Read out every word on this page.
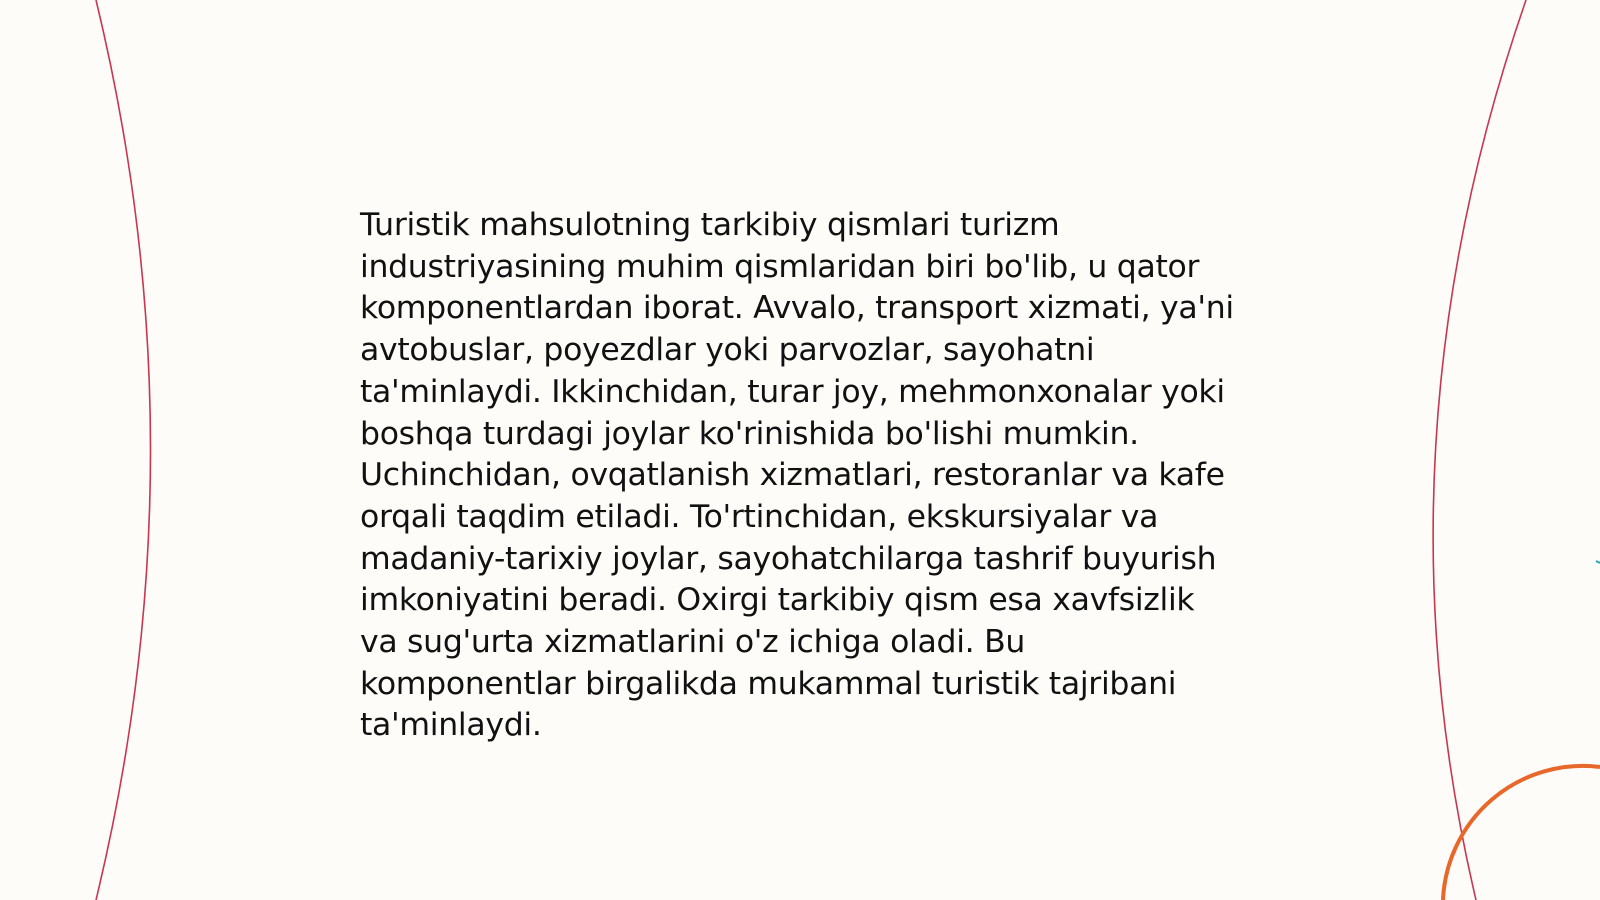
Turistik mahsulotning tarkibiy qismlari turizm industriyasining muhim qismlaridan biri bo'lib, u qator komponentlardan iborat. Avvalo, transport xizmati, ya'ni avtobuslar, poyezdlar yoki parvozlar, sayohatni ta'minlaydi. Ikkinchidan, turar joy, mehmonxonalar yoki boshqa turdagi joylar ko'rinishida bo'lishi mumkin. Uchinchidan, ovqatlanish xizmatlari, restoranlar va kafe orqali taqdim etiladi. To'rtinchidan, ekskursiyalar va madaniy-tarixiy joylar, sayohatchilarga tashrif buyurish imkoniyatini beradi. Oxirgi tarkibiy qism esa xavfsizlik va sug'urta xizmatlarini o'z ichiga oladi. Bu komponentlar birgalikda mukammal turistik tajribani ta'minlaydi.
